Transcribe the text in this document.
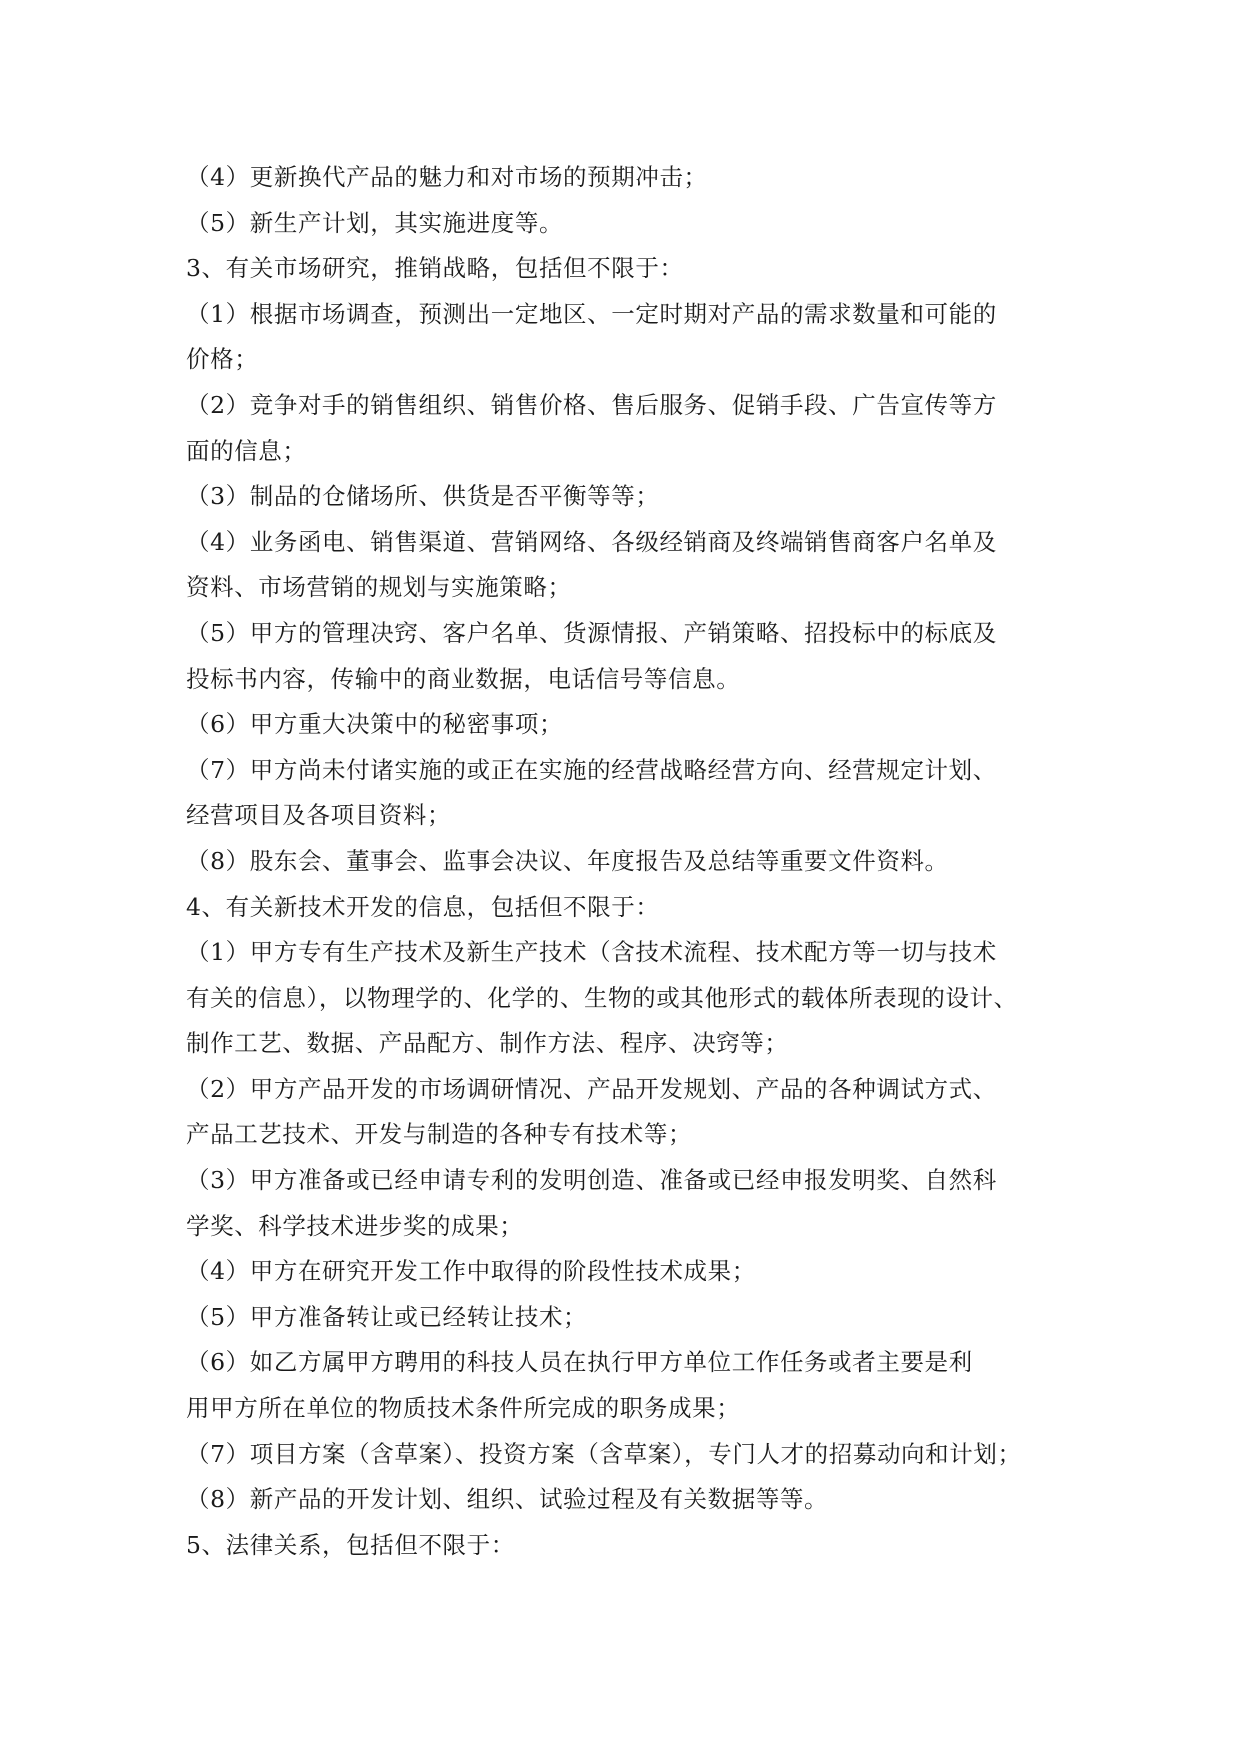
（4）更新换代产品的魅力和对市场的预期冲击；
（5）新生产计划，其实施进度等。
3、有关市场研究，推销战略，包括但不限于：
（1）根据市场调查，预测出一定地区、一定时期对产品的需求数量和可能的
价格；
（2）竞争对手的销售组织、销售价格、售后服务、促销手段、广告宣传等方
面的信息；
（3）制品的仓储场所、供货是否平衡等等；
（4）业务函电、销售渠道、营销网络、各级经销商及终端销售商客户名单及
资料、市场营销的规划与实施策略；
（5）甲方的管理决窍、客户名单、货源情报、产销策略、招投标中的标底及
投标书内容，传输中的商业数据，电话信号等信息。
（6）甲方重大决策中的秘密事项；
（7）甲方尚未付诸实施的或正在实施的经营战略经营方向、经营规定计划、
经营项目及各项目资料；
（8）股东会、董事会、监事会决议、年度报告及总结等重要文件资料。
4、有关新技术开发的信息，包括但不限于：
（1）甲方专有生产技术及新生产技术（含技术流程、技术配方等一切与技术
有关的信息），以物理学的、化学的、生物的或其他形式的载体所表现的设计、
制作工艺、数据、产品配方、制作方法、程序、决窍等；
（2）甲方产品开发的市场调研情况、产品开发规划、产品的各种调试方式、
产品工艺技术、开发与制造的各种专有技术等；
（3）甲方准备或已经申请专利的发明创造、准备或已经申报发明奖、自然科
学奖、科学技术进步奖的成果；
（4）甲方在研究开发工作中取得的阶段性技术成果；
（5）甲方准备转让或已经转让技术；
（6）如乙方属甲方聘用的科技人员在执行甲方单位工作任务或者主要是利
用甲方所在单位的物质技术条件所完成的职务成果；
（7）项目方案（含草案）、投资方案（含草案），专门人才的招募动向和计划；
（8）新产品的开发计划、组织、试验过程及有关数据等等。
5、法律关系，包括但不限于：
